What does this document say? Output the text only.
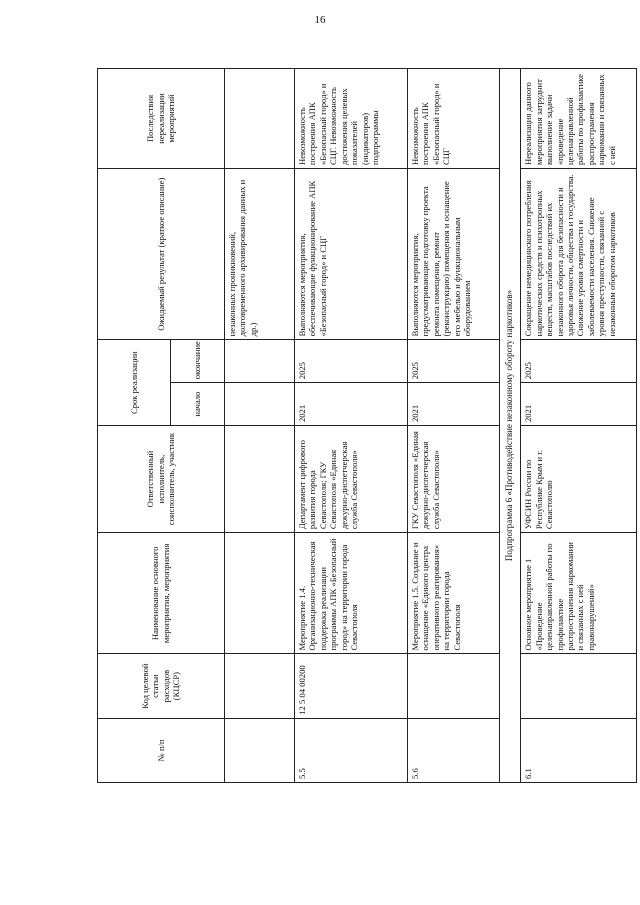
16
№ п/п	Код целевой статьи расходов (КЦСР)	Наименование основного мероприятия, мероприятия	Ответственный исполнитель, соисполнитель, участник	Срок реализации		Ожидаемый результат (краткое описание)	Последствия нереализации мероприятий
				начало	окончание		
						незаконных проникновений, долговременного архивирования данных и др.)	
5.5	12 5 04 00200	Мероприятие 1.4. Организационно-техническая поддержка реализации программы АПК «Безопасный город» на территории города Севастополя	Департамент цифрового развития города Севастополя; ГКУ Севастополя «Единая дежурно-диспетчерская служба Севастополя»	2021	2025	Выполняются мероприятия, обеспечивающие функционирование АПК «Безопасный город» и СЦГ	Невозможность построения АПК «Безопасный город» и СЦГ. Невозможность достижения целевых показателей (индикаторов) подпрограммы
5.6		Мероприятие 1.5. Создание и оснащение «Единого центра оперативного реагирования» на территории города Севастополя	ГКУ Севастополя «Единая дежурно-диспетчерская служба Севастополя»	2021	2025	Выполняются мероприятия, предусматривающие подготовку проекта ремонта помещения, ремонт (реконструкцию) помещения и оснащение его мебелью и функциональным оборудованием	Невозможность построения АПК «Безопасный город» и СЦГ
Подпрограмма 6 «Противодействие незаконному обороту наркотиков»							
6.1		Основное мероприятие 1 «Проведение целенаправленной работы по профилактике распространения наркомании и связанных с ней правонарушений»	УФСИН России по Республике Крым и г. Севастополю	2021	2025	Сокращение немедицинского потребления наркотических средств и психотропных веществ, масштабов последствий их незаконного оборота для безопасности и здоровья личности, общества и государства. Снижение уровня смертности и заболеваемости населения. Снижение уровня преступности, связанной с незаконным оборотом наркотиков	Нереализация данного мероприятия затруднит выполнение задачи «проведение целенаправленной работы по профилактике распространения наркомании и связанных с ней
